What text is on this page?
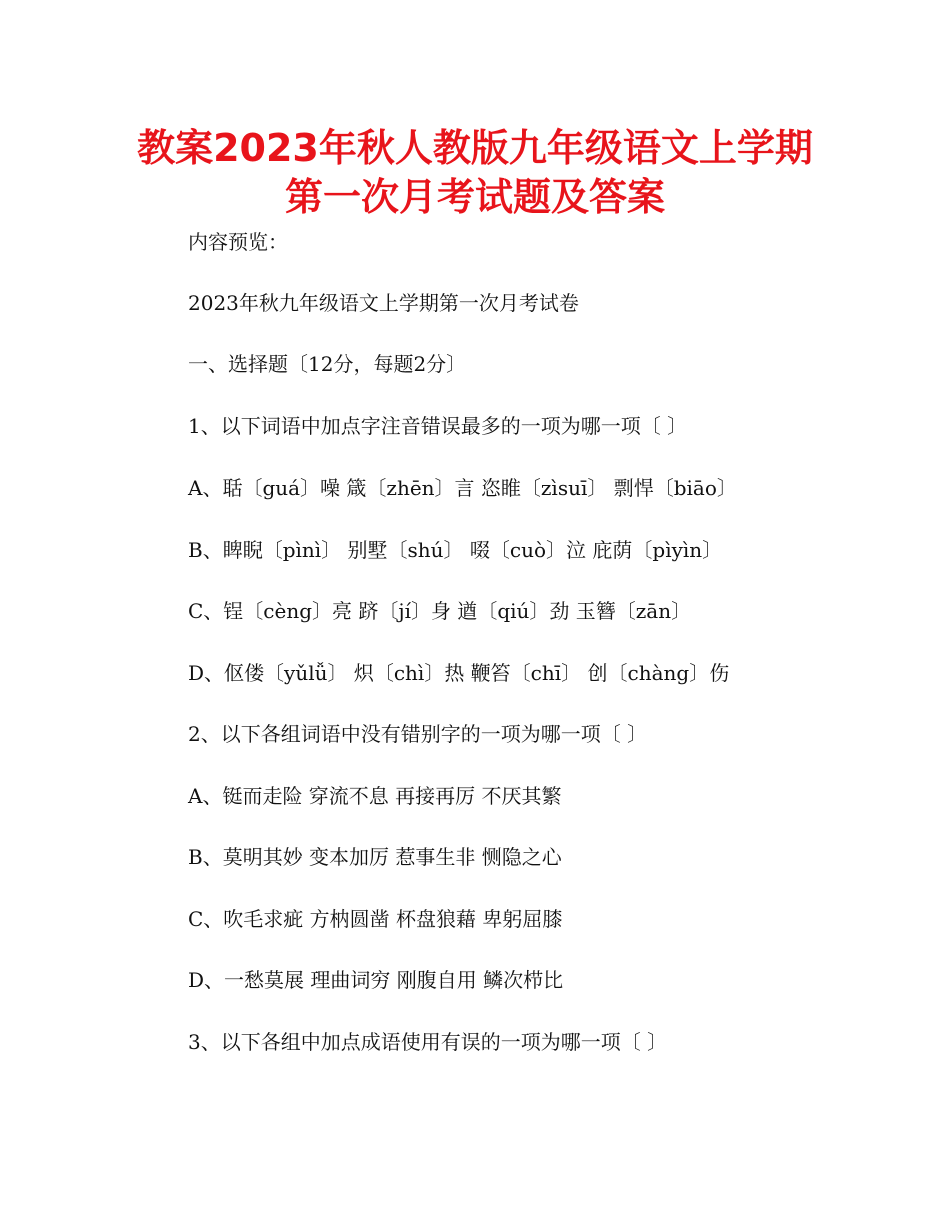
教案2023年秋人教版九年级语文上学期
第一次月考试题及答案
内容预览：
2023年秋九年级语文上学期第一次月考试卷
一、选择题〔12分，每题2分〕
1、以下词语中加点字注音错误最多的一项为哪一项〔 〕
A、聒〔guá〕噪 箴〔zhēn〕言 恣睢〔zìsuī〕 剽悍〔biāo〕
B、睥睨〔pìnì〕 别墅〔shú〕 啜〔cuò〕泣 庇荫〔pìyìn〕
C、锃〔cèng〕亮 跻〔jí〕身 遒〔qiú〕劲 玉簪〔zān〕
D、伛偻〔yǔlǚ〕 炽〔chì〕热 鞭笞〔chī〕 创〔chàng〕伤
2、以下各组词语中没有错别字的一项为哪一项〔 〕
A、铤而走险 穿流不息 再接再厉 不厌其繁
B、莫明其妙 变本加厉 惹事生非 恻隐之心
C、吹毛求疵 方枘圆凿 杯盘狼藉 卑躬屈膝
D、一愁莫展 理曲词穷 刚腹自用 鳞次栉比
3、以下各组中加点成语使用有误的一项为哪一项〔 〕
